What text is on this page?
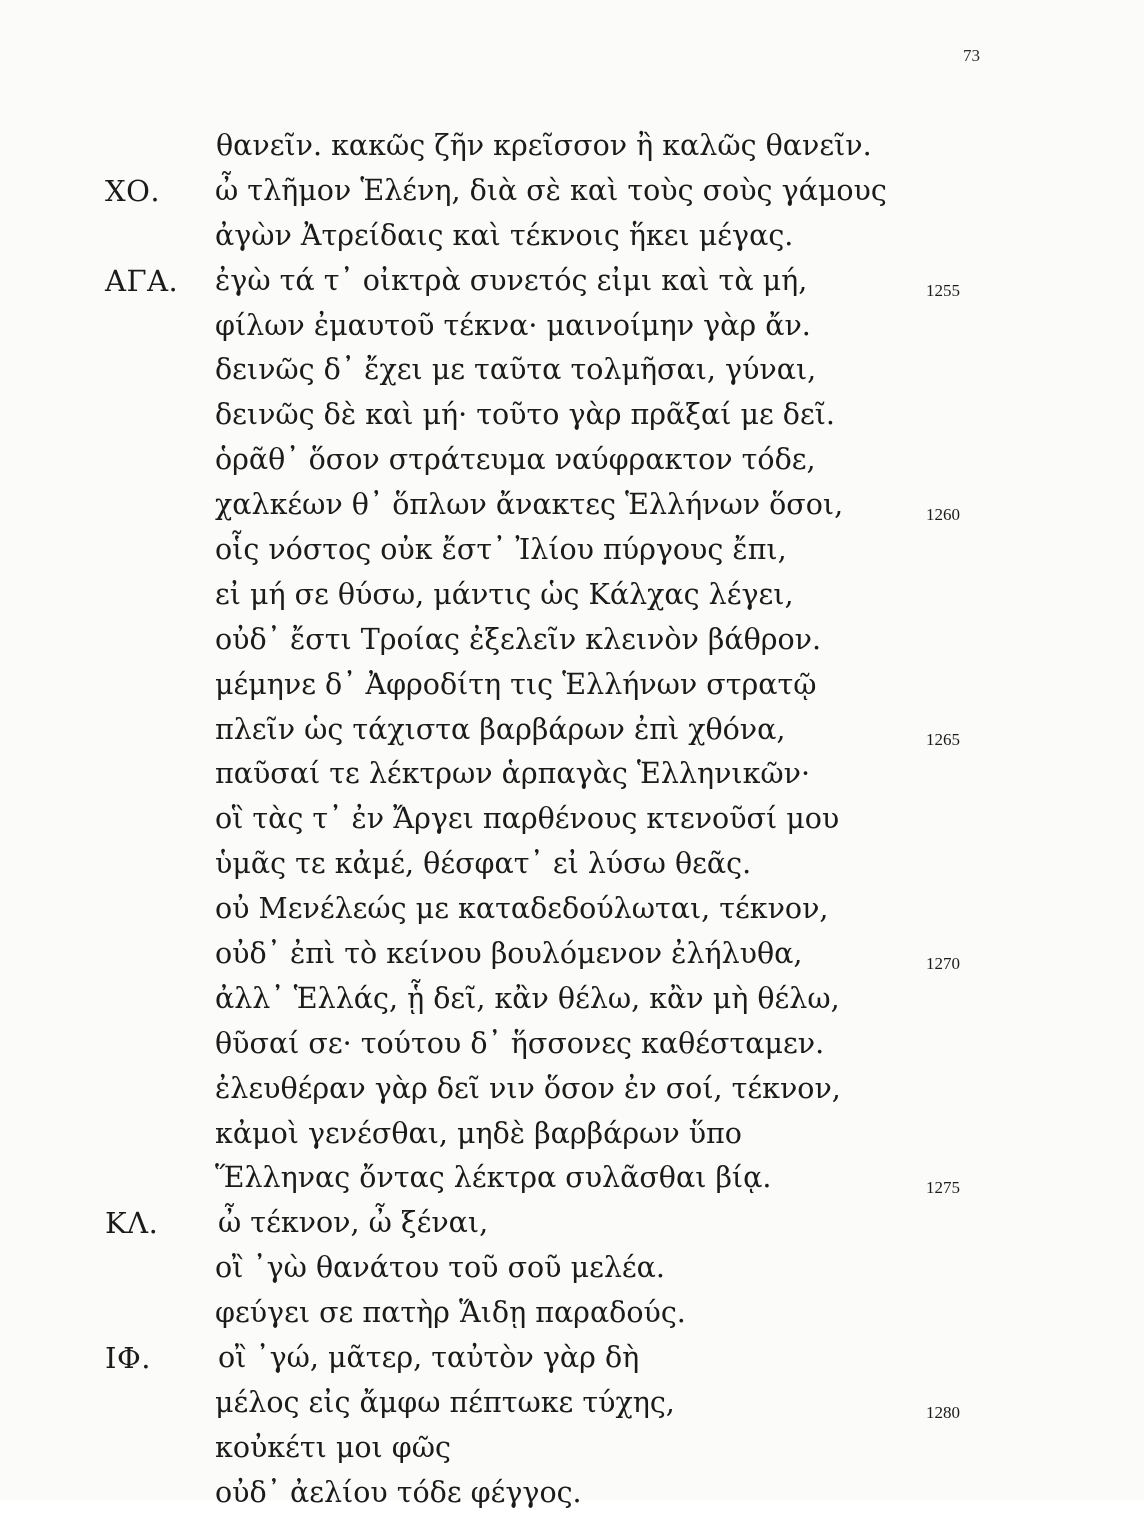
73
θανεῖν. κακῶς ζῆν κρεῖσσον ἢ καλῶς θανεῖν.
ΧΟ. ὦ τλῆμον Ἑλένη, διὰ σὲ καὶ τοὺς σοὺς γάμους
ἀγὼν Ἀτρείδαις καὶ τέκνοις ἥκει μέγας.
ΑΓΑ. ἐγὼ τά τ᾽ οἰκτρὰ συνετός εἰμι καὶ τὰ μή,	1255
φίλων ἐμαυτοῦ τέκνα· μαινοίμην γὰρ ἄν.
δεινῶς δ᾽ ἔχει με ταῦτα τολμῆσαι, γύναι,
δεινῶς δὲ καὶ μή· τοῦτο γὰρ πρᾶξαί με δεῖ.
ὁρᾶθ᾽ ὅσον στράτευμα ναύφρακτον τόδε,
χαλκέων θ᾽ ὅπλων ἄνακτες Ἑλλήνων ὅσοι,	1260
οἷς νόστος οὐκ ἔστ᾽ Ἰλίου πύργους ἔπι,
εἰ μή σε θύσω, μάντις ὡς Κάλχας λέγει,
οὐδ᾽ ἔστι Τροίας ἐξελεῖν κλεινὸν βάθρον.
μέμηνε δ᾽ Ἀφροδίτη τις Ἑλλήνων στρατῷ
πλεῖν ὡς τάχιστα βαρβάρων ἐπὶ χθόνα,	1265
παῦσαί τε λέκτρων ἁρπαγὰς Ἑλληνικῶν·
οἳ τὰς τ᾽ ἐν Ἄργει παρθένους κτενοῦσί μου
ὑμᾶς τε κἀμέ, θέσφατ᾽ εἰ λύσω θεᾶς.
οὐ Μενέλεώς με καταδεδούλωται, τέκνον,
οὐδ᾽ ἐπὶ τὸ κείνου βουλόμενον ἐλήλυθα,	1270
ἀλλ᾽ Ἑλλάς, ᾗ δεῖ, κἂν θέλω, κἂν μὴ θέλω,
θῦσαί σε· τούτου δ᾽ ἥσσονες καθέσταμεν.
ἐλευθέραν γὰρ δεῖ νιν ὅσον ἐν σοί, τέκνον,
κἀμοὶ γενέσθαι, μηδὲ βαρβάρων ὕπο
Ἕλληνας ὄντας λέκτρα συλᾶσθαι βίᾳ.	1275
ΚΛ. ὦ τέκνον, ὦ ξέναι,
οἲ ᾽γὼ θανάτου τοῦ σοῦ μελέα.
φεύγει σε πατὴρ Ἅιδῃ παραδούς.
ΙΦ. οἲ ᾽γώ, μᾶτερ, ταὐτὸν γὰρ δὴ
μέλος εἰς ἄμφω πέπτωκε τύχης,	1280
κοὐκέτι μοι φῶς
οὐδ᾽ ἀελίου τόδε φέγγος.
